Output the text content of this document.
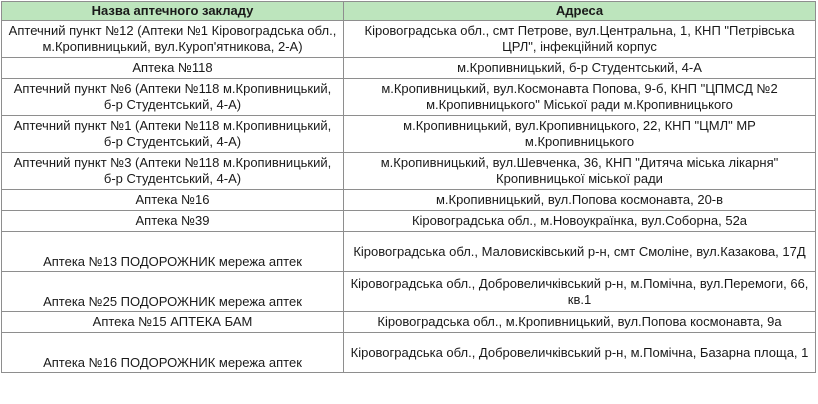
Назва аптечного закладу	Адреса
Аптечний пункт №12 (Аптеки №1 Кіровоградська обл., м.Кропивницький, вул.Куроп'ятникова, 2-А)	Кіровоградська обл., смт Петрове, вул.Центральна, 1, КНП "Петрівська ЦРЛ", інфекційний корпус
Аптека №118	м.Кропивницький, б-р Студентський, 4-А
Аптечний пункт №6 (Аптеки №118 м.Кропивницький, б-р Студентський, 4-А)	м.Кропивницький, вул.Космонавта Попова, 9-б, КНП "ЦПМСД №2 м.Кропивницького" Міської ради м.Кропивницького
Аптечний пункт №1 (Аптеки №118 м.Кропивницький, б-р Студентський, 4-А)	м.Кропивницький, вул.Кропивницького, 22, КНП "ЦМЛ" МР м.Кропивницького
Аптечний пункт №3 (Аптеки №118 м.Кропивницький, б-р Студентський, 4-А)	м.Кропивницький, вул.Шевченка, 36, КНП "Дитяча міська лікарня" Кропивницької міської ради
Аптека №16	м.Кропивницький, вул.Попова космонавта, 20-в
Аптека №39	Кіровоградська обл., м.Новоукраїнка, вул.Соборна, 52а
Аптека №13 ПОДОРОЖНИК мережа аптек	Кіровоградська обл., Маловисківський р-н, смт Смоліне, вул.Казакова, 17Д
Аптека №25 ПОДОРОЖНИК мережа аптек	Кіровоградська обл., Добровеличківський р-н, м.Помічна, вул.Перемоги, 66, кв.1
Аптека №15 АПТЕКА БАМ	Кіровоградська обл., м.Кропивницький, вул.Попова космонавта, 9а
Аптека №16 ПОДОРОЖНИК мережа аптек	Кіровоградська обл., Добровеличківський р-н, м.Помічна, Базарна площа, 1
